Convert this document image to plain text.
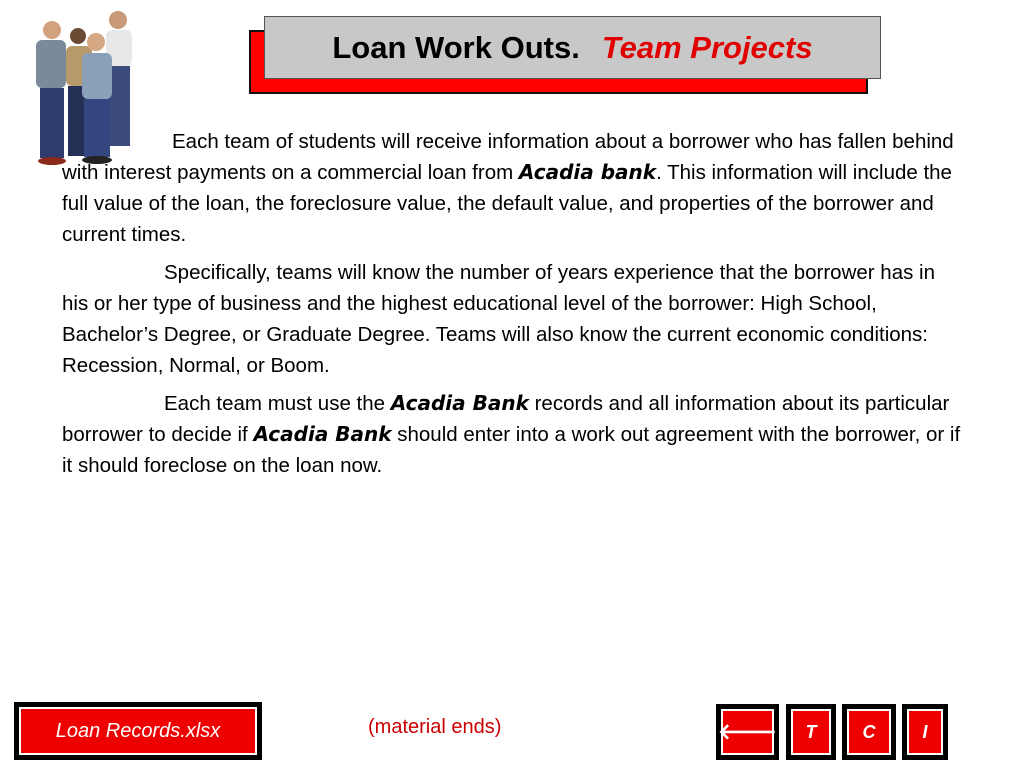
Loan Work Outs. Team Projects

Each team of students will receive information about a borrower who has fallen behind with interest payments on a commercial loan from Acadia bank. This information will include the full value of the loan, the foreclosure value, the default value, and properties of the borrower and current times.

Specifically, teams will know the number of years experience that the borrower has in his or her type of business and the highest educational level of the borrower: High School, Bachelor’s Degree, or Graduate Degree. Teams will also know the current economic conditions: Recession, Normal, or Boom.

Each team must use the Acadia Bank records and all information about its particular borrower to decide if Acadia Bank should enter into a work out agreement with the borrower, or if it should foreclose on the loan now.

Loan Records.xlsx	(material ends)	🡐	T	C	I
